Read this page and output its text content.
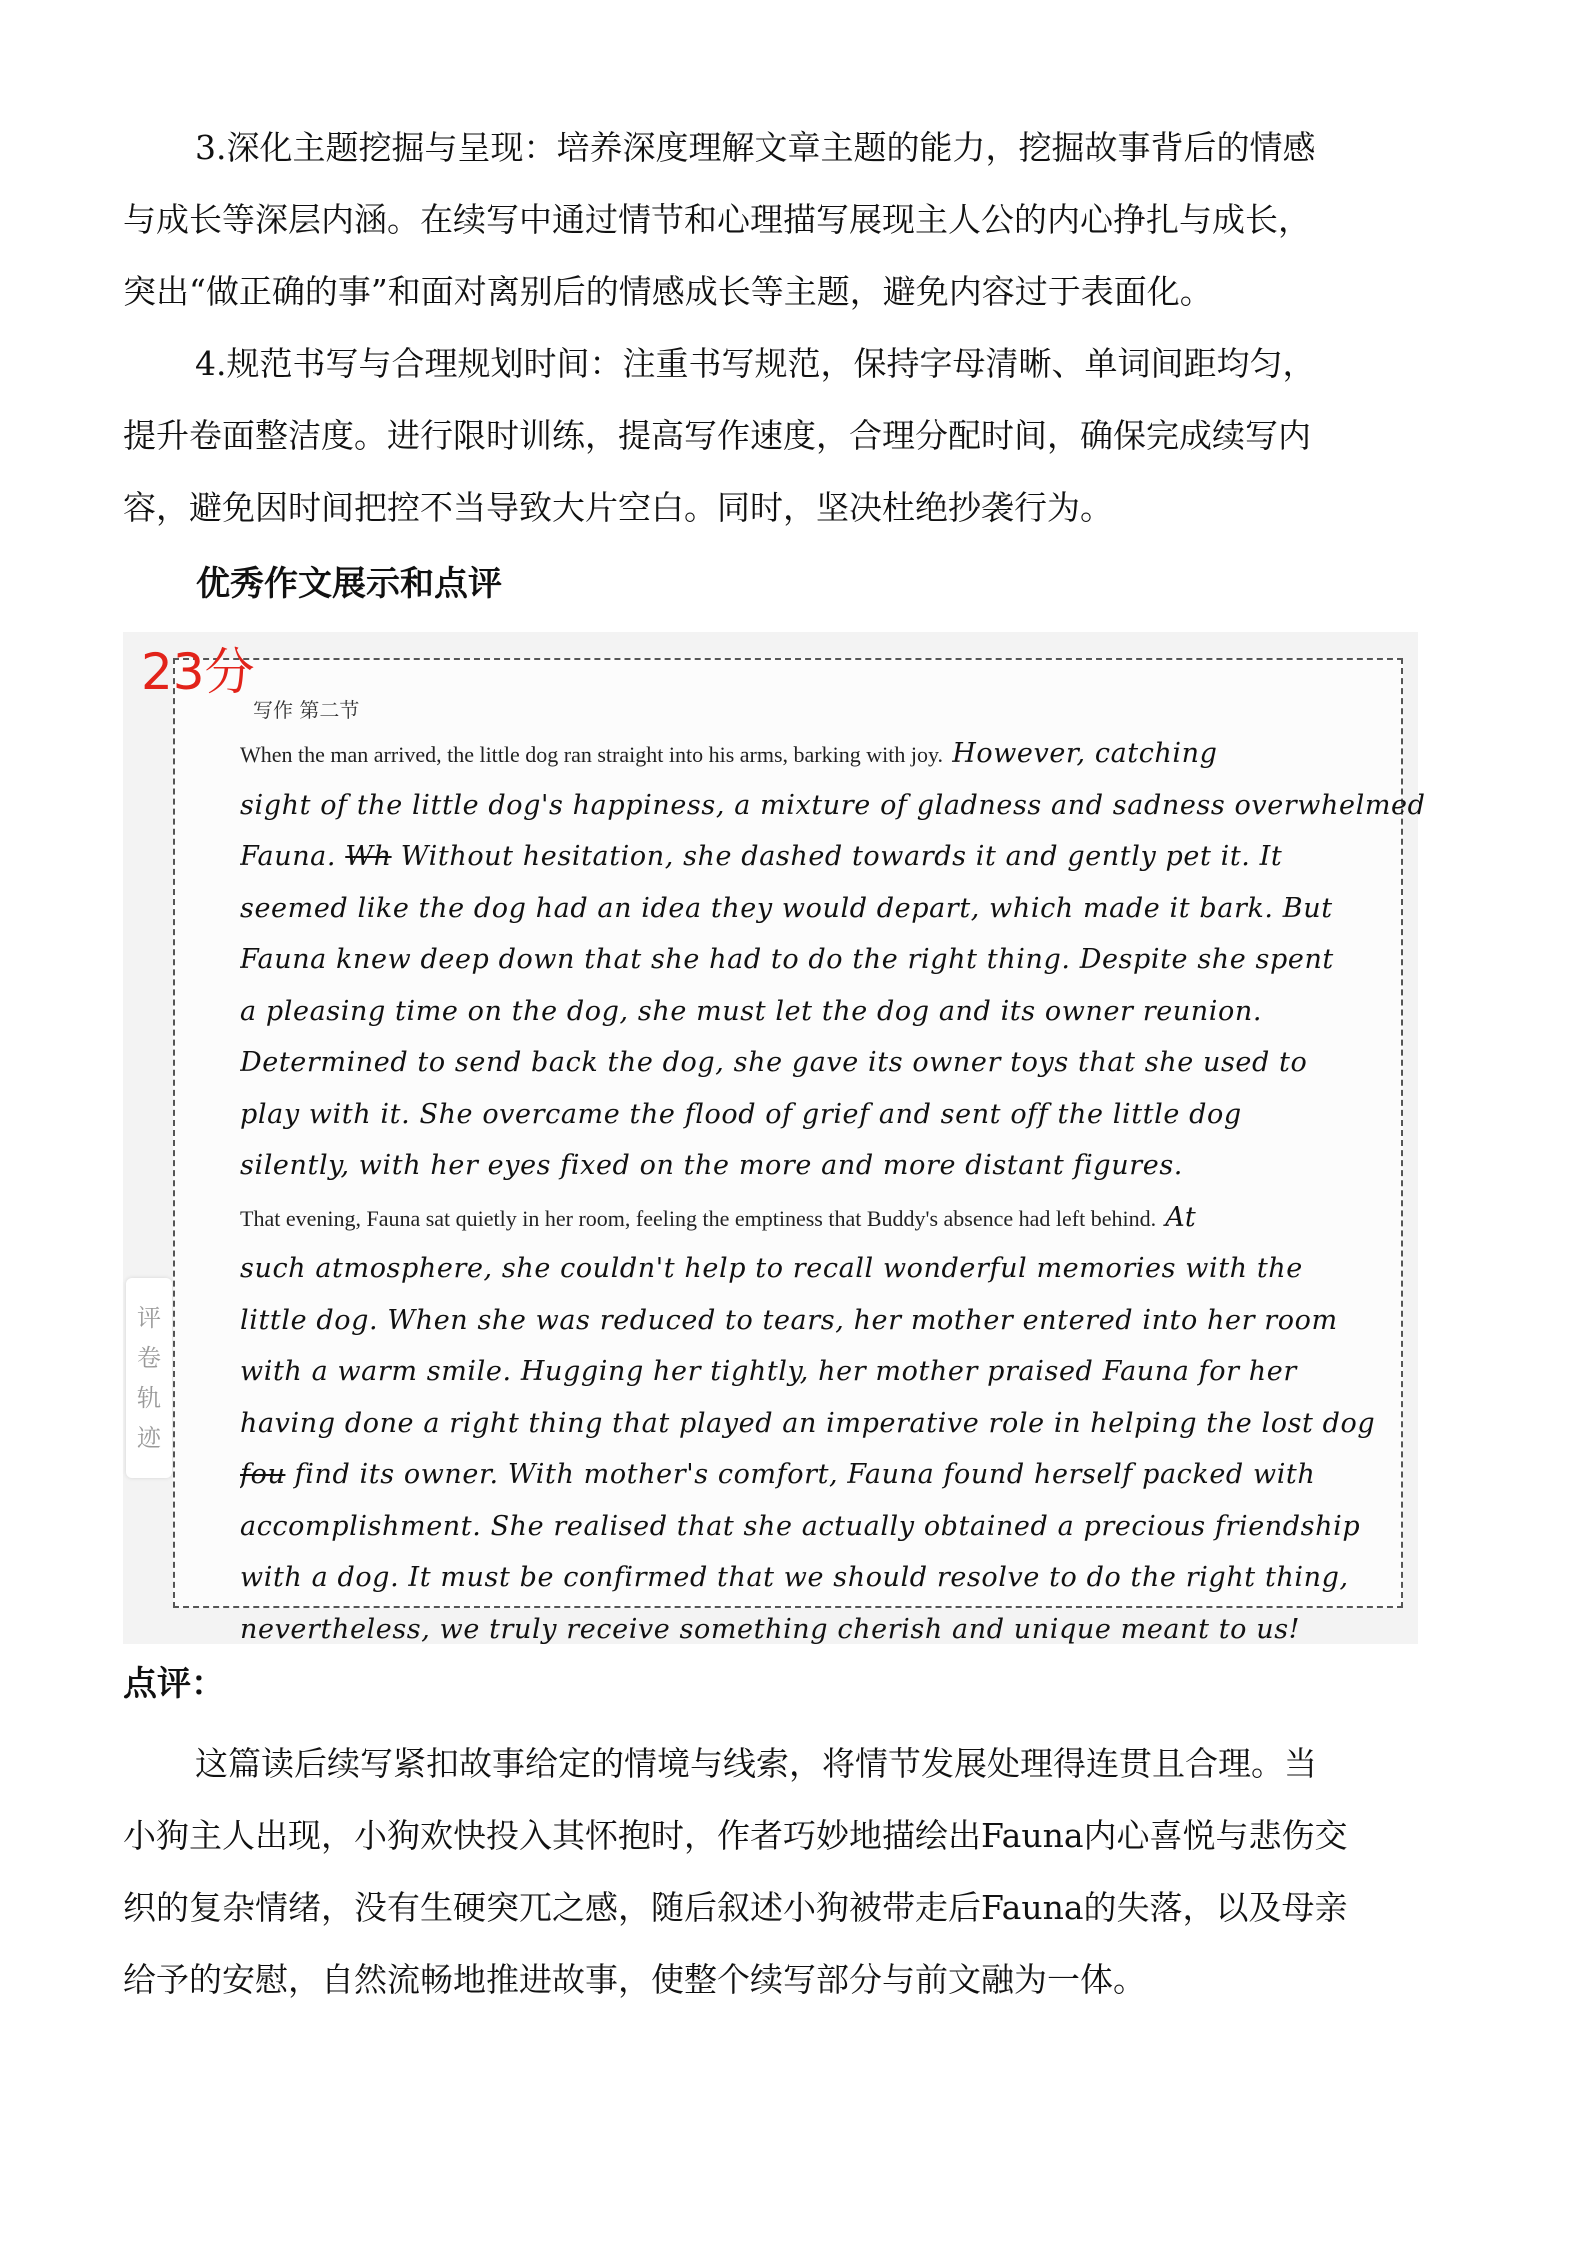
3.深化主题挖掘与呈现：培养深度理解文章主题的能力，挖掘故事背后的情感
与成长等深层内涵。在续写中通过情节和心理描写展现主人公的内心挣扎与成长，
突出“做正确的事”和面对离别后的情感成长等主题，避免内容过于表面化。
4.规范书写与合理规划时间：注重书写规范，保持字母清晰、单词间距均匀，
提升卷面整洁度。进行限时训练，提高写作速度，合理分配时间，确保完成续写内
容，避免因时间把控不当导致大片空白。同时，坚决杜绝抄袭行为。
优秀作文展示和点评
写作 第二节
When the man arrived, the little dog ran straight into his arms, barking with joy. However, catching
sight of the little dog's happiness, a mixture of gladness and sadness overwhelmed
Fauna. Wh Without hesitation, she dashed towards it and gently pet it. It
seemed like the dog had an idea they would depart, which made it bark. But
Fauna knew deep down that she had to do the right thing. Despite she spent
a pleasing time on the dog, she must let the dog and its owner reunion.
Determined to send back the dog, she gave its owner toys that she used to
play with it. She overcame the flood of grief and sent off the little dog
silently, with her eyes fixed on the more and more distant figures.
That evening, Fauna sat quietly in her room, feeling the emptiness that Buddy's absence had left behind. At
such atmosphere, she couldn't help to recall wonderful memories with the
little dog. When she was reduced to tears, her mother entered into her room
with a warm smile. Hugging her tightly, her mother praised Fauna for her
having done a right thing that played an imperative role in helping the lost dog
fou find its owner. With mother's comfort, Fauna found herself packed with
accomplishment. She realised that she actually obtained a precious friendship
with a dog. It must be confirmed that we should resolve to do the right thing,
nevertheless, we truly receive something cherish and unique meant to us!
23分
评
卷
轨
迹
点评：
这篇读后续写紧扣故事给定的情境与线索，将情节发展处理得连贯且合理。当
小狗主人出现，小狗欢快投入其怀抱时，作者巧妙地描绘出Fauna内心喜悦与悲伤交
织的复杂情绪，没有生硬突兀之感，随后叙述小狗被带走后Fauna的失落，以及母亲
给予的安慰，自然流畅地推进故事，使整个续写部分与前文融为一体。
